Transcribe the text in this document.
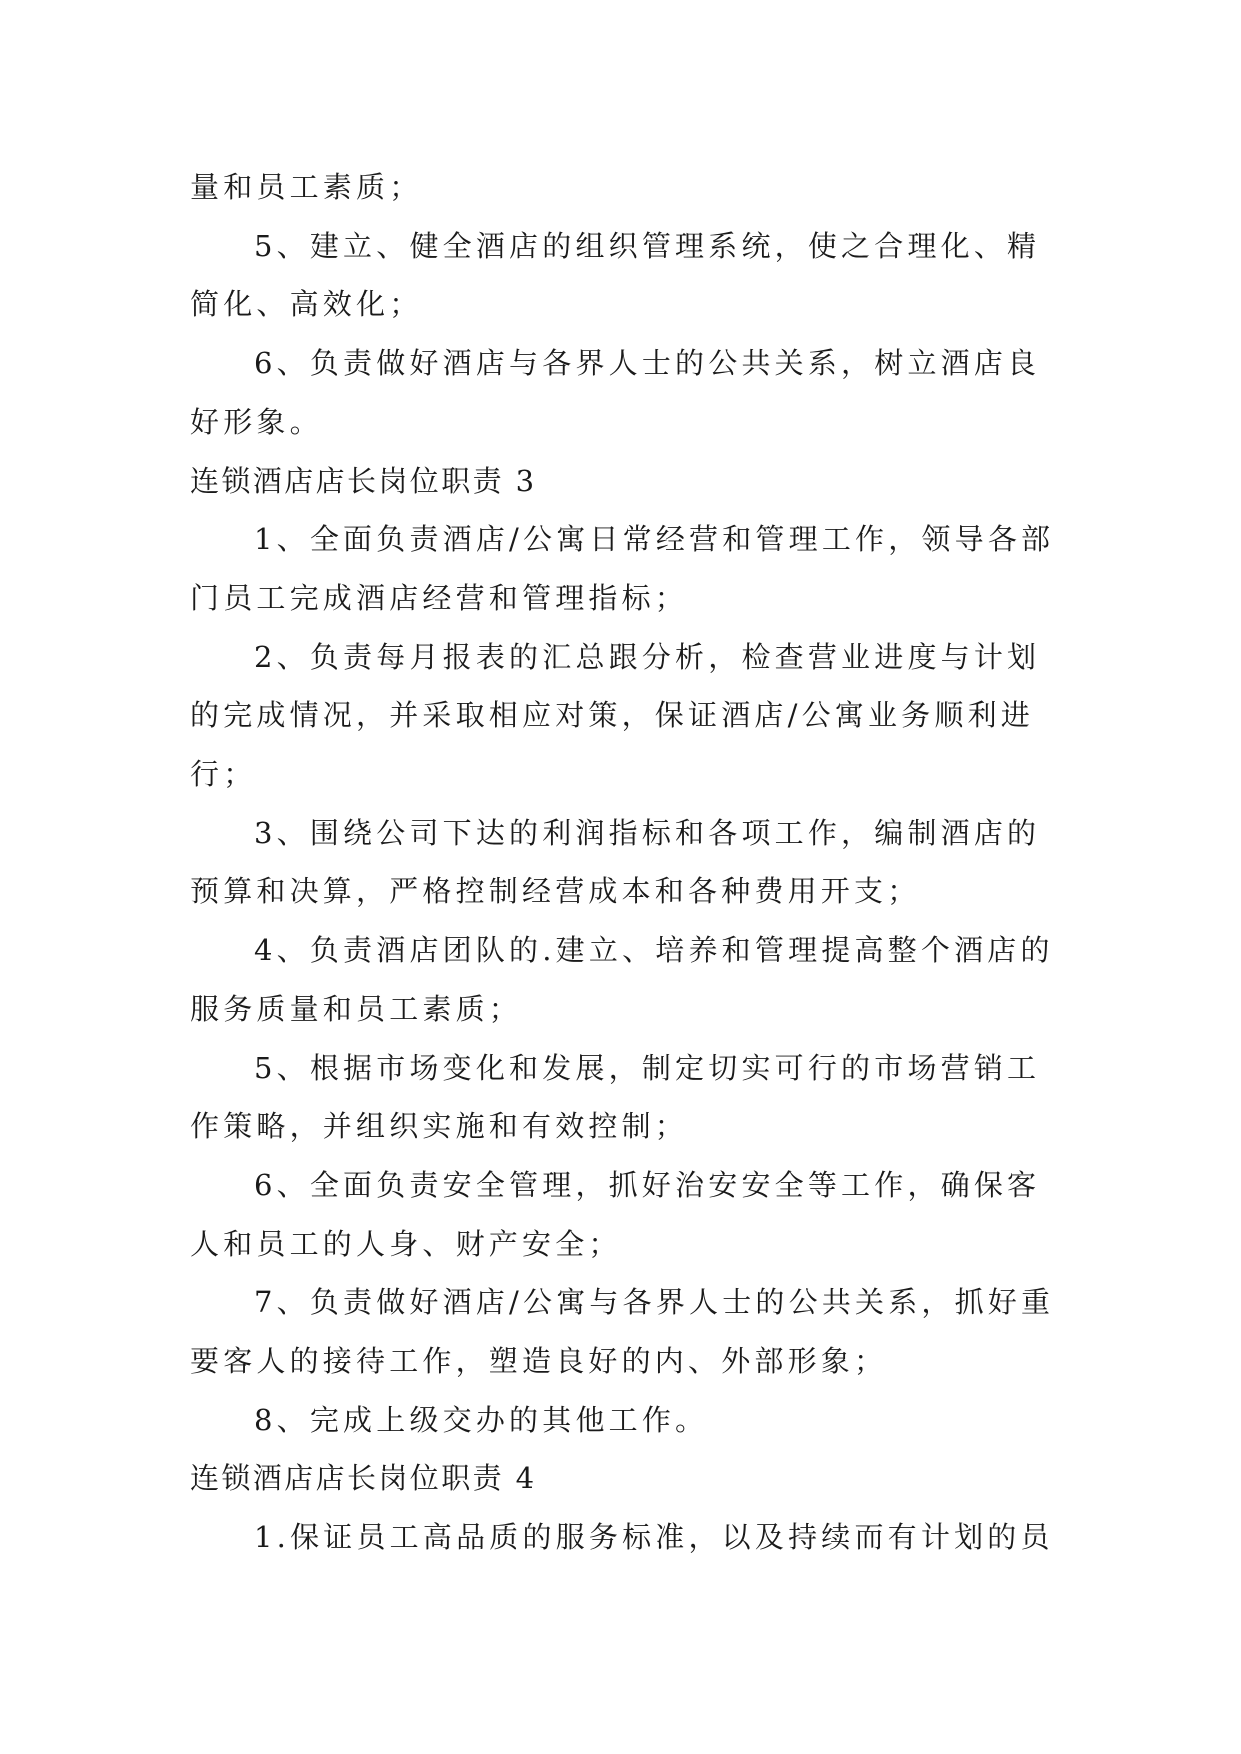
量和员工素质；

5、建立、健全酒店的组织管理系统，使之合理化、精

简化、高效化；

6、负责做好酒店与各界人士的公共关系，树立酒店良

好形象。

连锁酒店店长岗位职责 3

1、全面负责酒店/公寓日常经营和管理工作，领导各部

门员工完成酒店经营和管理指标；

2、负责每月报表的汇总跟分析，检查营业进度与计划

的完成情况，并采取相应对策，保证酒店/公寓业务顺利进

行；

3、围绕公司下达的利润指标和各项工作，编制酒店的

预算和决算，严格控制经营成本和各种费用开支；

4、负责酒店团队的.建立、培养和管理提高整个酒店的

服务质量和员工素质；

5、根据市场变化和发展，制定切实可行的市场营销工

作策略，并组织实施和有效控制；

6、全面负责安全管理，抓好治安安全等工作，确保客

人和员工的人身、财产安全；

7、负责做好酒店/公寓与各界人士的公共关系，抓好重

要客人的接待工作，塑造良好的内、外部形象；

8、完成上级交办的其他工作。

连锁酒店店长岗位职责 4

1.保证员工高品质的服务标准，以及持续而有计划的员
